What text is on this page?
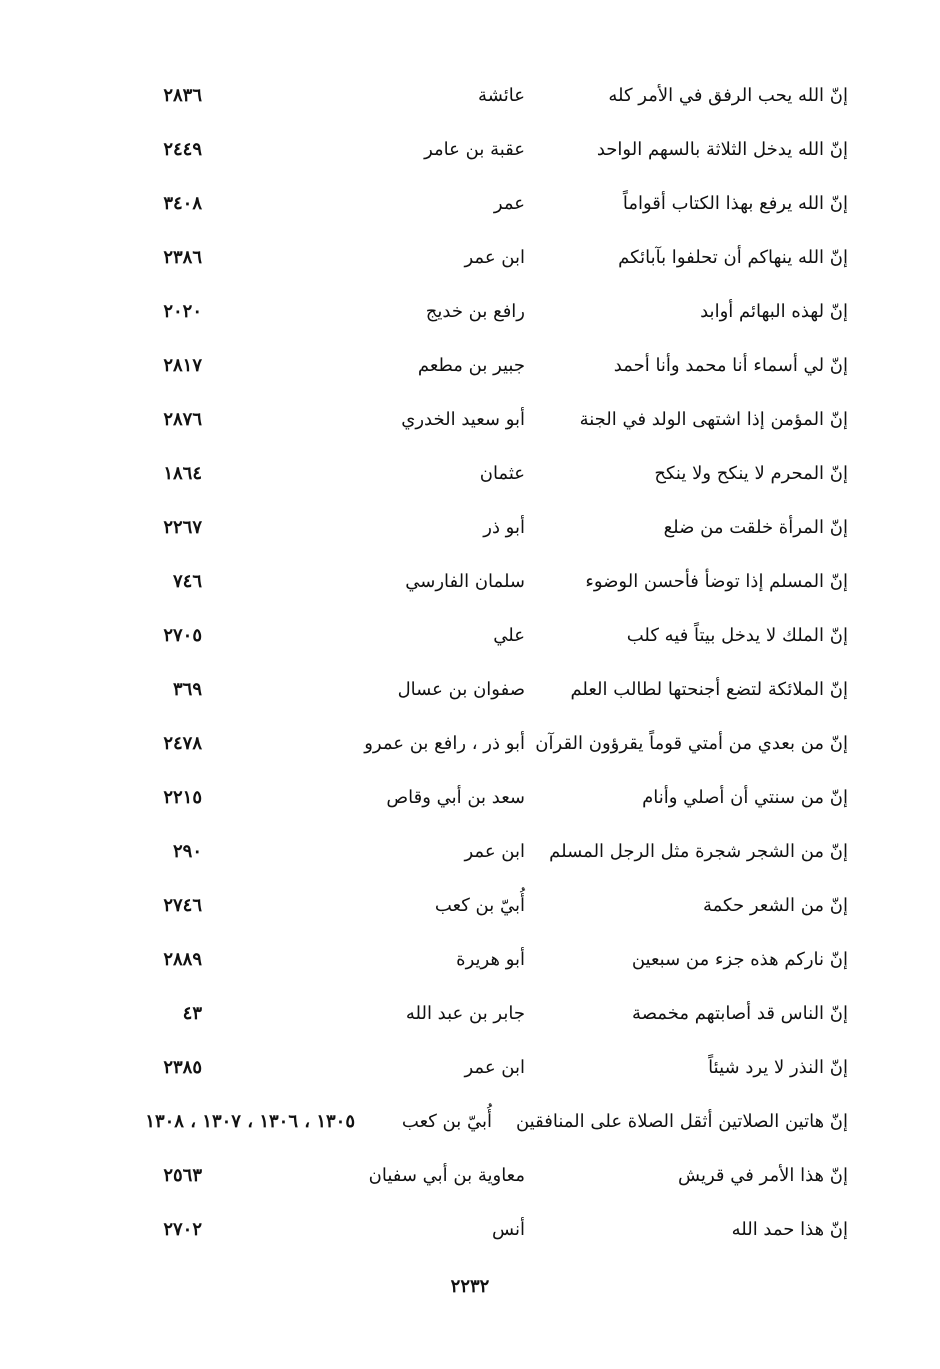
إنّ الله يحب الرفق في الأمر كله
عائشة
٢٨٣٦
إنّ الله يدخل الثلاثة بالسهم الواحد
عقبة بن عامر
٢٤٤٩
إنّ الله يرفع بهذا الكتاب أقواماً
عمر
٣٤٠٨
إنّ الله ينهاكم أن تحلفوا بآبائكم
ابن عمر
٢٣٨٦
إنّ لهذه البهائم أوابد
رافع بن خديج
٢٠٢٠
إنّ لي أسماء أنا محمد وأنا أحمد
جبير بن مطعم
٢٨١٧
إنّ المؤمن إذا اشتهى الولد في الجنة
أبو سعيد الخدري
٢٨٧٦
إنّ المحرم لا ينكح ولا ينكح
عثمان
١٨٦٤
إنّ المرأة خلقت من ضلع
أبو ذر
٢٢٦٧
إنّ المسلم إذا توضأ فأحسن الوضوء
سلمان الفارسي
٧٤٦
إنّ الملك لا يدخل بيتاً فيه كلب
علي
٢٧٠٥
إنّ الملائكة لتضع أجنحتها لطالب العلم
صفوان بن عسال
٣٦٩
إنّ من بعدي من أمتي قوماً يقرؤون القرآن
أبو ذر ، رافع بن عمرو
٢٤٧٨
إنّ من سنتي أن أصلي وأنام
سعد بن أبي وقاص
٢٢١٥
إنّ من الشجر شجرة مثل الرجل المسلم
ابن عمر
٢٩٠
إنّ من الشعر حكمة
أُبيّ بن كعب
٢٧٤٦
إنّ ناركم هذه جزء من سبعين
أبو هريرة
٢٨٨٩
إنّ الناس قد أصابتهم مخمصة
جابر بن عبد الله
٤٣
إنّ النذر لا يرد شيئاً
ابن عمر
٢٣٨٥
إنّ هاتين الصلاتين أثقل الصلاة على المنافقين
أُبيّ بن كعب
١٣٠٥ ، ١٣٠٦ ، ١٣٠٧ ، ١٣٠٨
إنّ هذا الأمر في قريش
معاوية بن أبي سفيان
٢٥٦٣
إنّ هذا حمد الله
أنس
٢٧٠٢
٢٢٣٢
